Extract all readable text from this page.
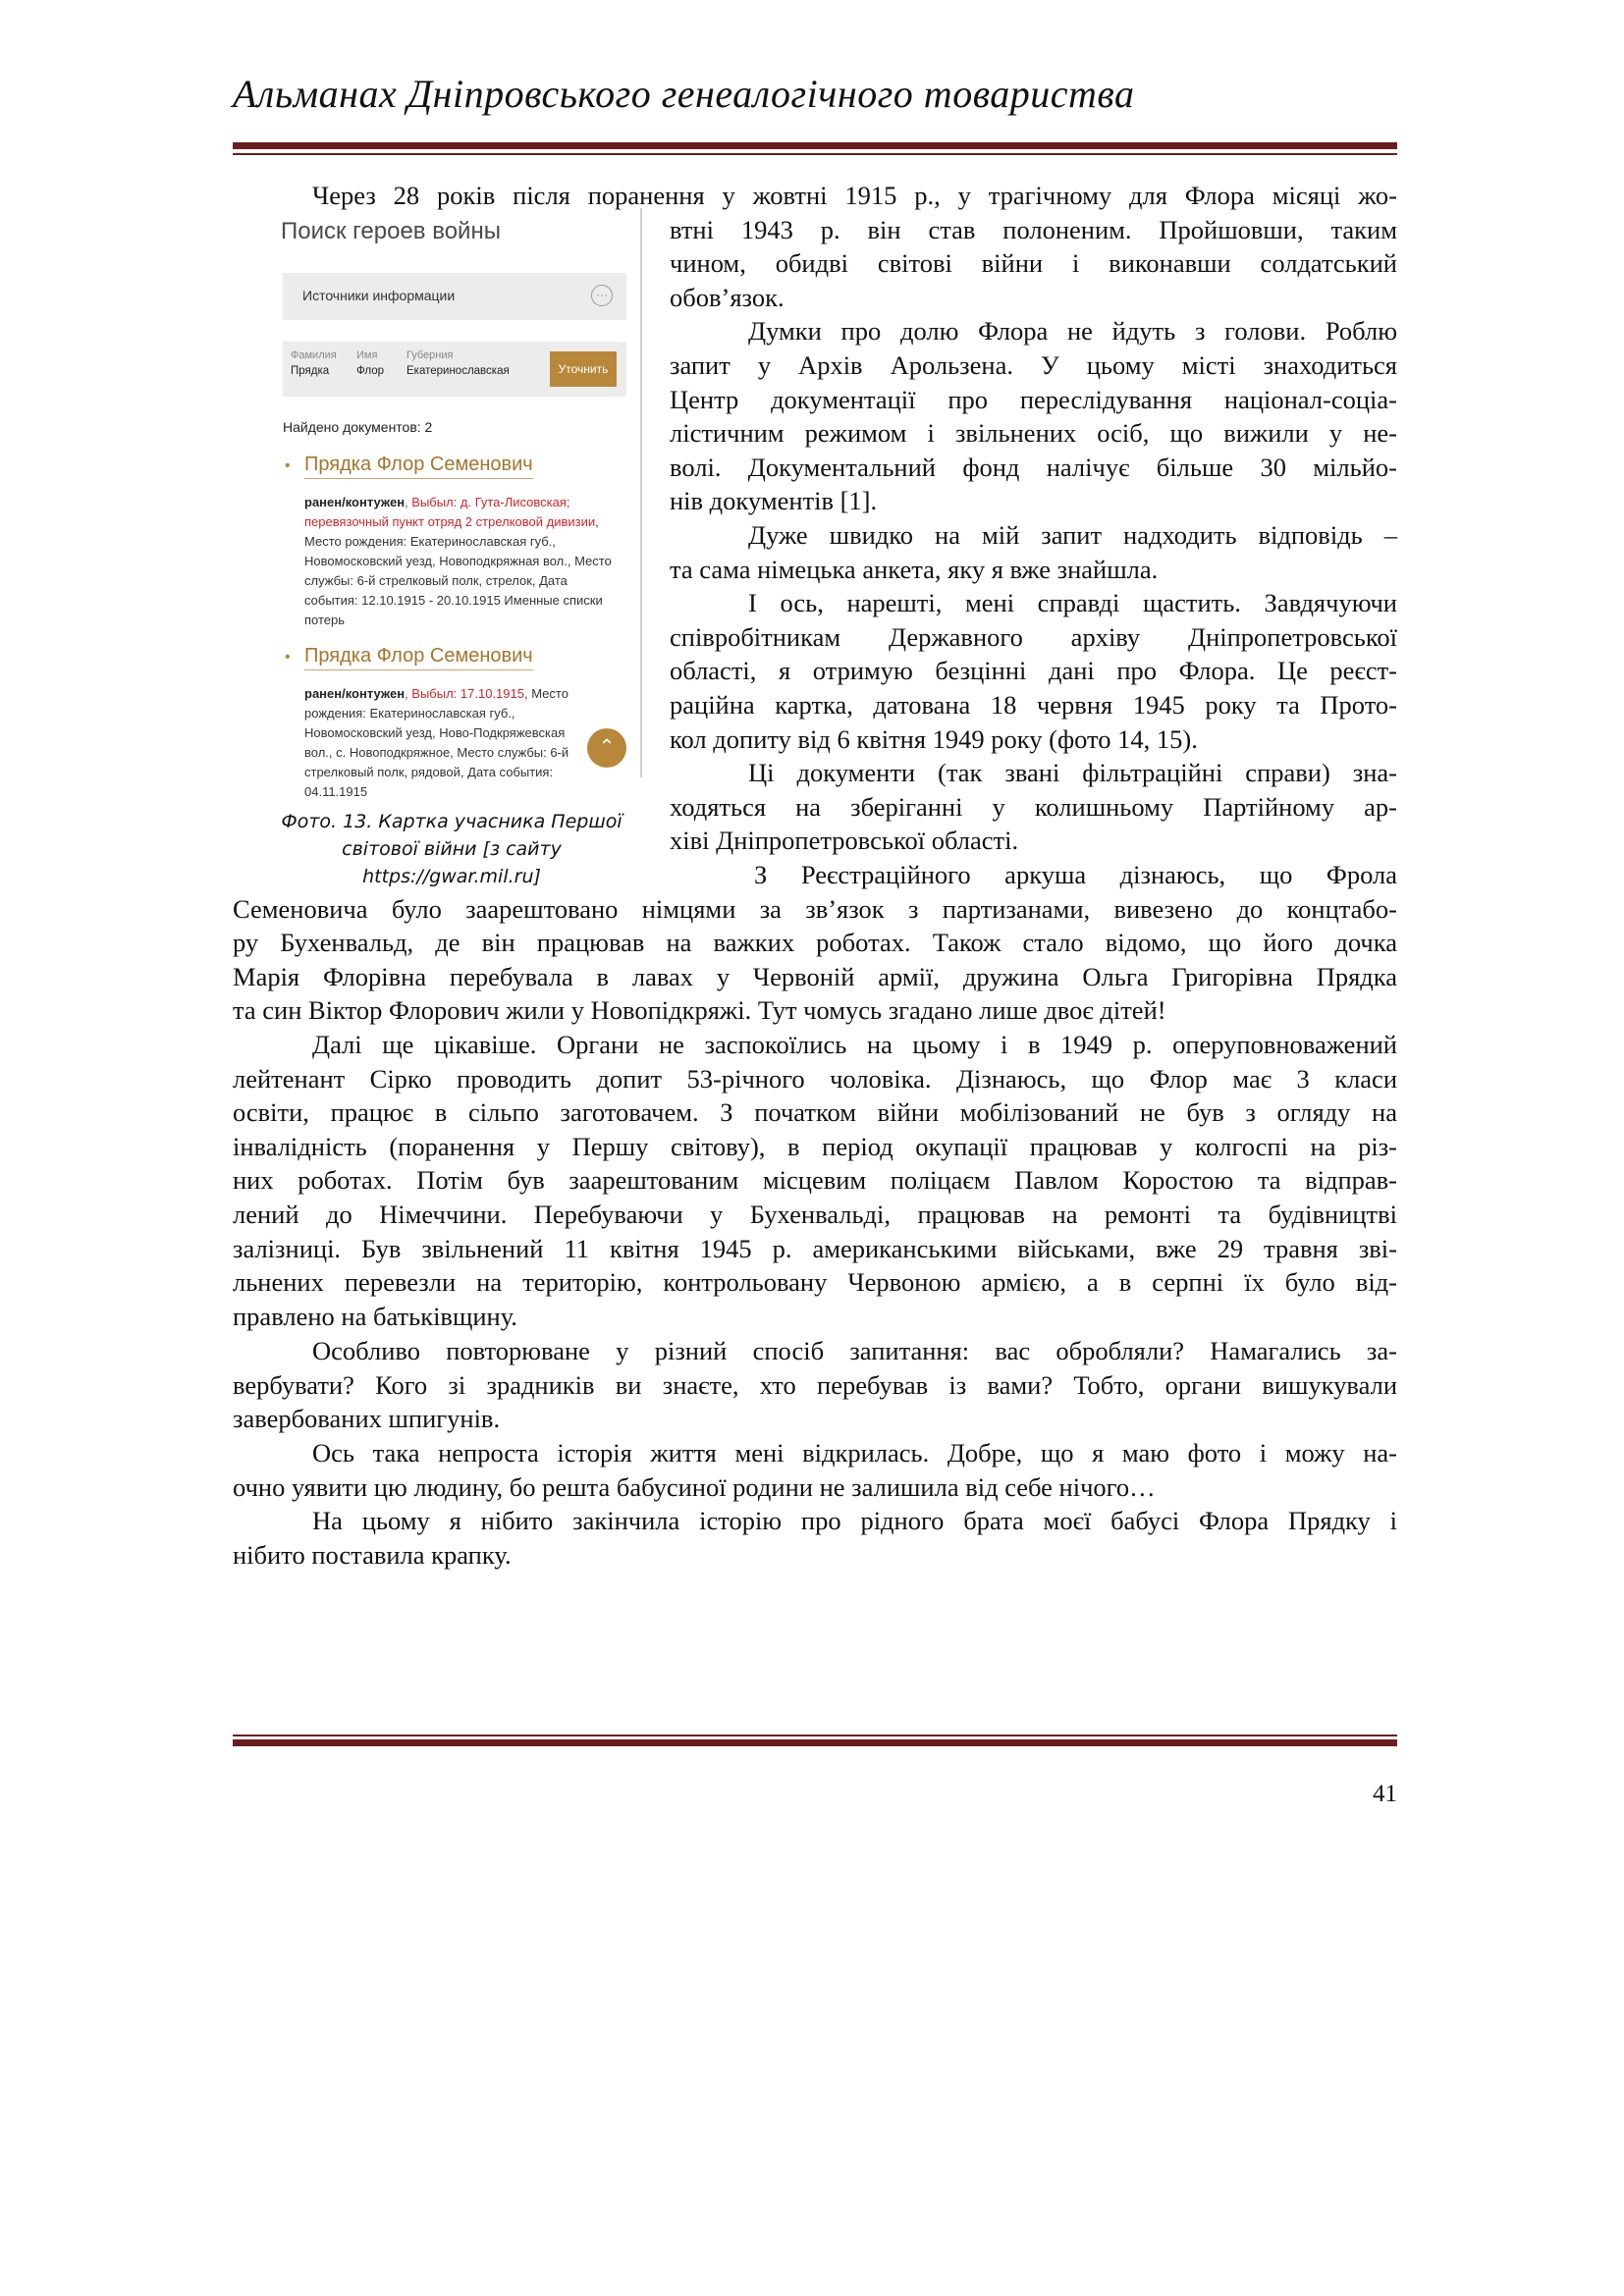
Альманах Дніпровського генеалогічного товариства
Поиск героев войны
Источники информации	···
Фамилия
Прядка
Имя
Флор
Губерния
Екатеринославская	Уточнить
Найдено документов: 2
• Прядка Флор Семенович
ранен/контужен, Выбыл: д. Гута-Лисовская; перевязочный пункт отряд 2 стрелковой дивизии, Место рождения: Екатеринославская губ., Новомосковский уезд, Новоподкряжная вол., Место службы: 6-й стрелковый полк, стрелок, Дата события: 12.10.1915 - 20.10.1915 Именные списки потерь
• Прядка Флор Семенович
ранен/контужен, Выбыл: 17.10.1915, Место рождения: Екатеринославская губ., Новомосковский уезд, Ново-Подкряжевская вол., с. Новоподкряжное, Место службы: 6-й стрелковый полк, рядовой, Дата события: 04.11.1915
⌃
Фото. 13. Картка учасника Першої
світової війни [з сайту
https://gwar.mil.ru]
Через 28 років після поранення у жовтні 1915 р., у трагічному для Флора місяці жо-
втні 1943 р. він став полоненим. Пройшовши, таким
чином, обидві світові війни і виконавши солдатський
обов’язок.
Думки про долю Флора не йдуть з голови. Роблю
запит у Архів Арользена. У цьому місті знаходиться
Центр документації про переслідування націонал-соціа-
лістичним режимом і звільнених осіб, що вижили у не-
волі. Документальний фонд налічує більше 30 мільйо-
нів документів [1].
Дуже швидко на мій запит надходить відповідь –
та сама німецька анкета, яку я вже знайшла.
І ось, нарешті, мені справді щастить. Завдячуючи
співробітникам Державного архіву Дніпропетровської
області, я отримую безцінні дані про Флора. Це реєст-
раційна картка, датована 18 червня 1945 року та Прото-
кол допиту від 6 квітня 1949 року (фото 14, 15).
Ці документи (так звані фільтраційні справи) зна-
ходяться на зберіганні у колишньому Партійному ар-
хіві Дніпропетровської області.
З Реєстраційного аркуша дізнаюсь, що Фрола
Семеновича було заарештовано німцями за зв’язок з партизанами, вивезено до концтабо-
ру Бухенвальд, де він працював на важких роботах. Також стало відомо, що його дочка
Марія Флорівна перебувала в лавах у Червоній армії, дружина Ольга Григорівна Прядка
та син Віктор Флорович жили у Новопідкряжі. Тут чомусь згадано лише двоє дітей!
Далі ще цікавіше. Органи не заспокоїлись на цьому і в 1949 р. оперуповноважений
лейтенант Сірко проводить допит 53-річного чоловіка. Дізнаюсь, що Флор має 3 класи
освіти, працює в сільпо заготовачем. З початком війни мобілізований не був з огляду на
інвалідність (поранення у Першу світову), в період окупації працював у колгоспі на різ-
них роботах. Потім був заарештованим місцевим поліцаєм Павлом Коростою та відправ-
лений до Німеччини. Перебуваючи у Бухенвальді, працював на ремонті та будівництві
залізниці. Був звільнений 11 квітня 1945 р. американськими військами, вже 29 травня зві-
льнених перевезли на територію, контрольовану Червоною армією, а в серпні їх було від-
правлено на батьківщину.
Особливо повторюване у різний спосіб запитання: вас обробляли? Намагались за-
вербувати? Кого зі зрадників ви знаєте, хто перебував із вами? Тобто, органи вишукували
завербованих шпигунів.
Ось така непроста історія життя мені відкрилась. Добре, що я маю фото і можу на-
очно уявити цю людину, бо решта бабусиної родини не залишила від себе нічого…
На цьому я нібито закінчила історію про рідного брата моєї бабусі Флора Прядку і
нібито поставила крапку.
41
